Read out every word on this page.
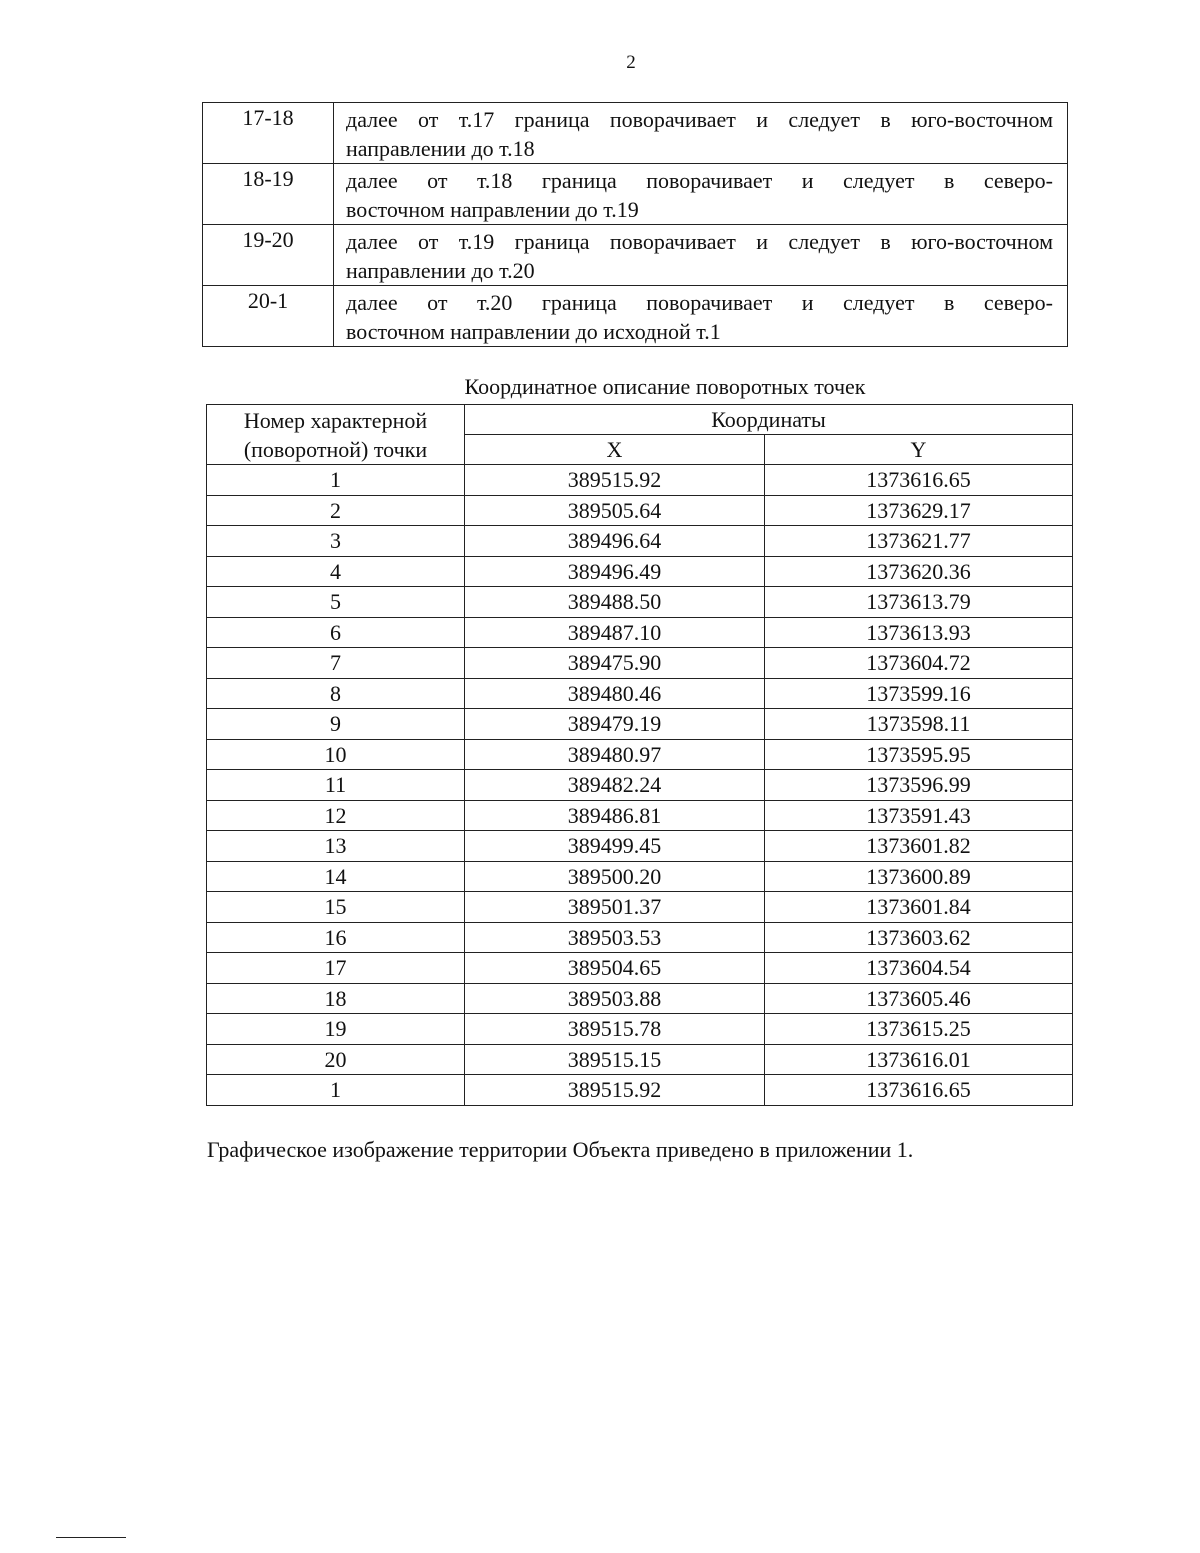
2
17-18	далее от т.17 граница поворачивает и следует в юго-восточном
направлении до т.18

18-19	далее от т.18 граница поворачивает и следует в северо-
восточном направлении до т.19

19-20	далее от т.19 граница поворачивает и следует в юго-восточном
направлении до т.20

20-1	далее от т.20 граница поворачивает и следует в северо-
восточном направлении до исходной т.1
Координатное описание поворотных точек
Номер характерной (поворотной) точки	Координаты	
	X	Y
1	389515.92	1373616.65
2	389505.64	1373629.17
3	389496.64	1373621.77
4	389496.49	1373620.36
5	389488.50	1373613.79
6	389487.10	1373613.93
7	389475.90	1373604.72
8	389480.46	1373599.16
9	389479.19	1373598.11
10	389480.97	1373595.95
11	389482.24	1373596.99
12	389486.81	1373591.43
13	389499.45	1373601.82
14	389500.20	1373600.89
15	389501.37	1373601.84
16	389503.53	1373603.62
17	389504.65	1373604.54
18	389503.88	1373605.46
19	389515.78	1373615.25
20	389515.15	1373616.01
1	389515.92	1373616.65
Графическое изображение территории Объекта приведено в приложении 1.
